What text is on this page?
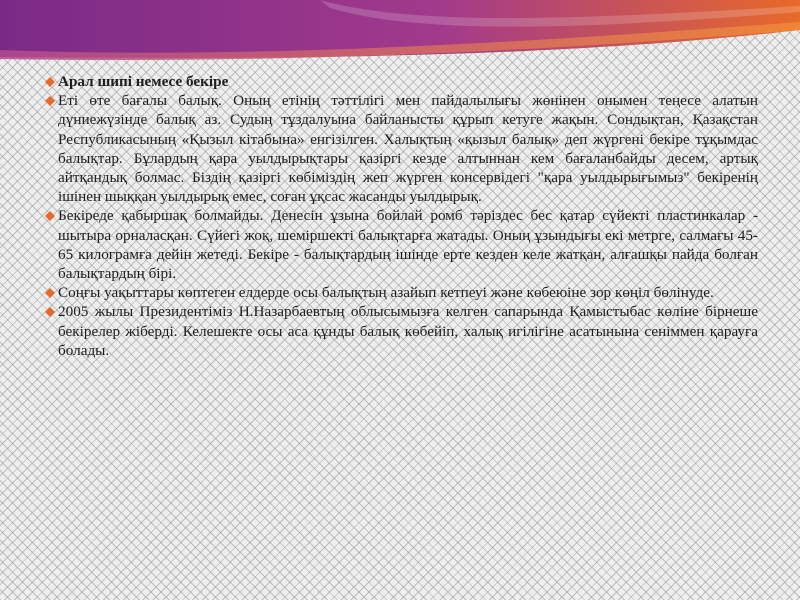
Арал шипі немесе бекіре
Еті өте бағалы балық. Оның етінің тәттілігі мен пайдалылығы жөнінен онымен теңесе алатын дүниежүзінде балық аз. Судың тұздалуына байланысты құрып кетуге жақын. Сондықтан, Қазақстан Республикасының «Қызыл кітабына» енгізілген. Халықтың «қызыл балық» деп жүргені бекіре тұқымдас балықтар. Бұлардың қара уылдырықтары қазіргі кезде алтыннан кем бағаланбайды десем, артық айтқандық болмас. Біздің қазіргі көбіміздің жеп жүрген консервідегі "қара уылдырығымыз" бекіренің ішінен шыққан уылдырық емес, соған ұқсас жасанды уылдырық.
Бекіреде қабыршақ болмайды. Денесін ұзына бойлай ромб тәріздес бес қатар сүйекті пластинкалар - шытыра орналасқан. Сүйегі жоқ, шеміршекті балықтарға жатады. Оның ұзындығы екі метрге, салмағы 45-65 килограмға дейін жетеді. Бекіре - балықтардың ішінде ерте кезден келе жатқан, алғашқы пайда болған балықтардың бірі.
Соңғы уақыттары көптеген елдерде осы балықтың азайып кетпеуі және көбеюіне зор көңіл бөлінуде.
2005 жылы Президентіміз Н.Назарбаевтың облысымызға келген сапарында Қамыстыбас көліне бірнеше бекірелер жіберді. Келешекте осы аса құнды балық көбейіп, халық игілігіне асатынына сеніммен қарауға болады.
